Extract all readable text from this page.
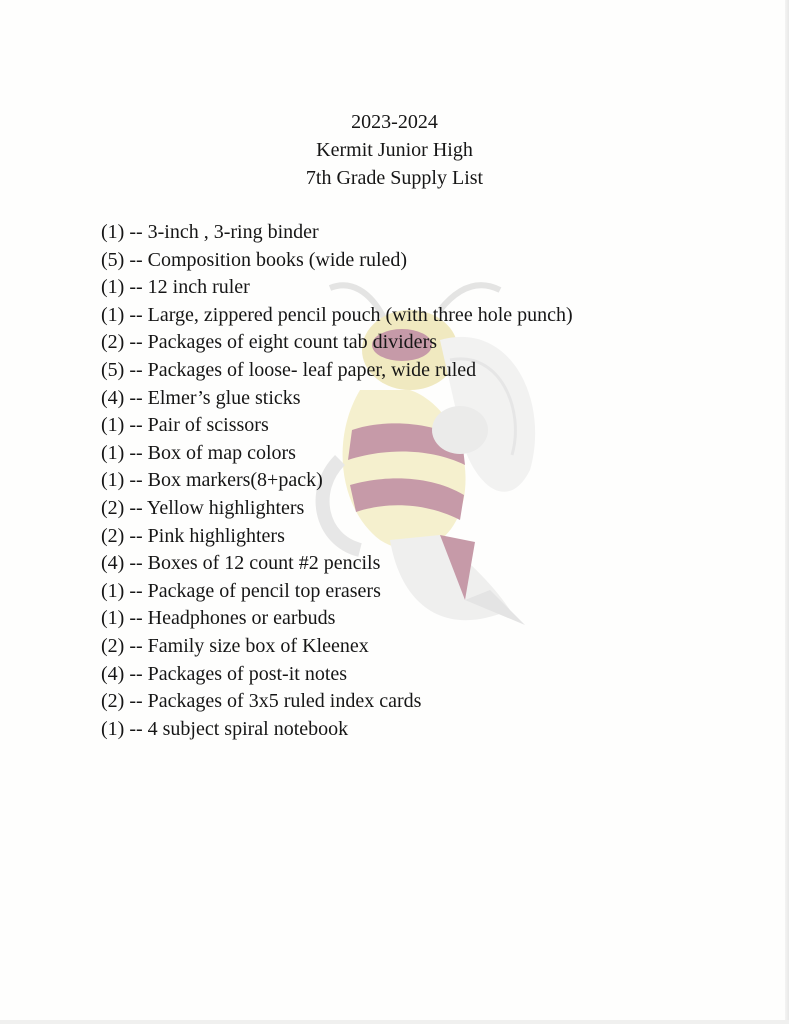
2023-2024
Kermit Junior High
7th Grade Supply List
(1) -- 3-inch , 3-ring binder
(5) -- Composition books (wide ruled)
(1) -- 12 inch ruler
(1) -- Large, zippered pencil pouch (with three hole punch)
(2) -- Packages of eight count tab dividers
(5) -- Packages of loose- leaf paper, wide ruled
(4) -- Elmer’s glue sticks
(1) -- Pair of scissors
(1) -- Box of map colors
(1) -- Box markers(8+pack)
(2) -- Yellow highlighters
(2) -- Pink highlighters
(4) -- Boxes of 12 count #2 pencils
(1) -- Package of pencil top erasers
(1) -- Headphones or earbuds
(2) -- Family size box of Kleenex
(4) -- Packages of post-it notes
(2) -- Packages of 3x5 ruled index cards
(1) -- 4 subject spiral notebook
